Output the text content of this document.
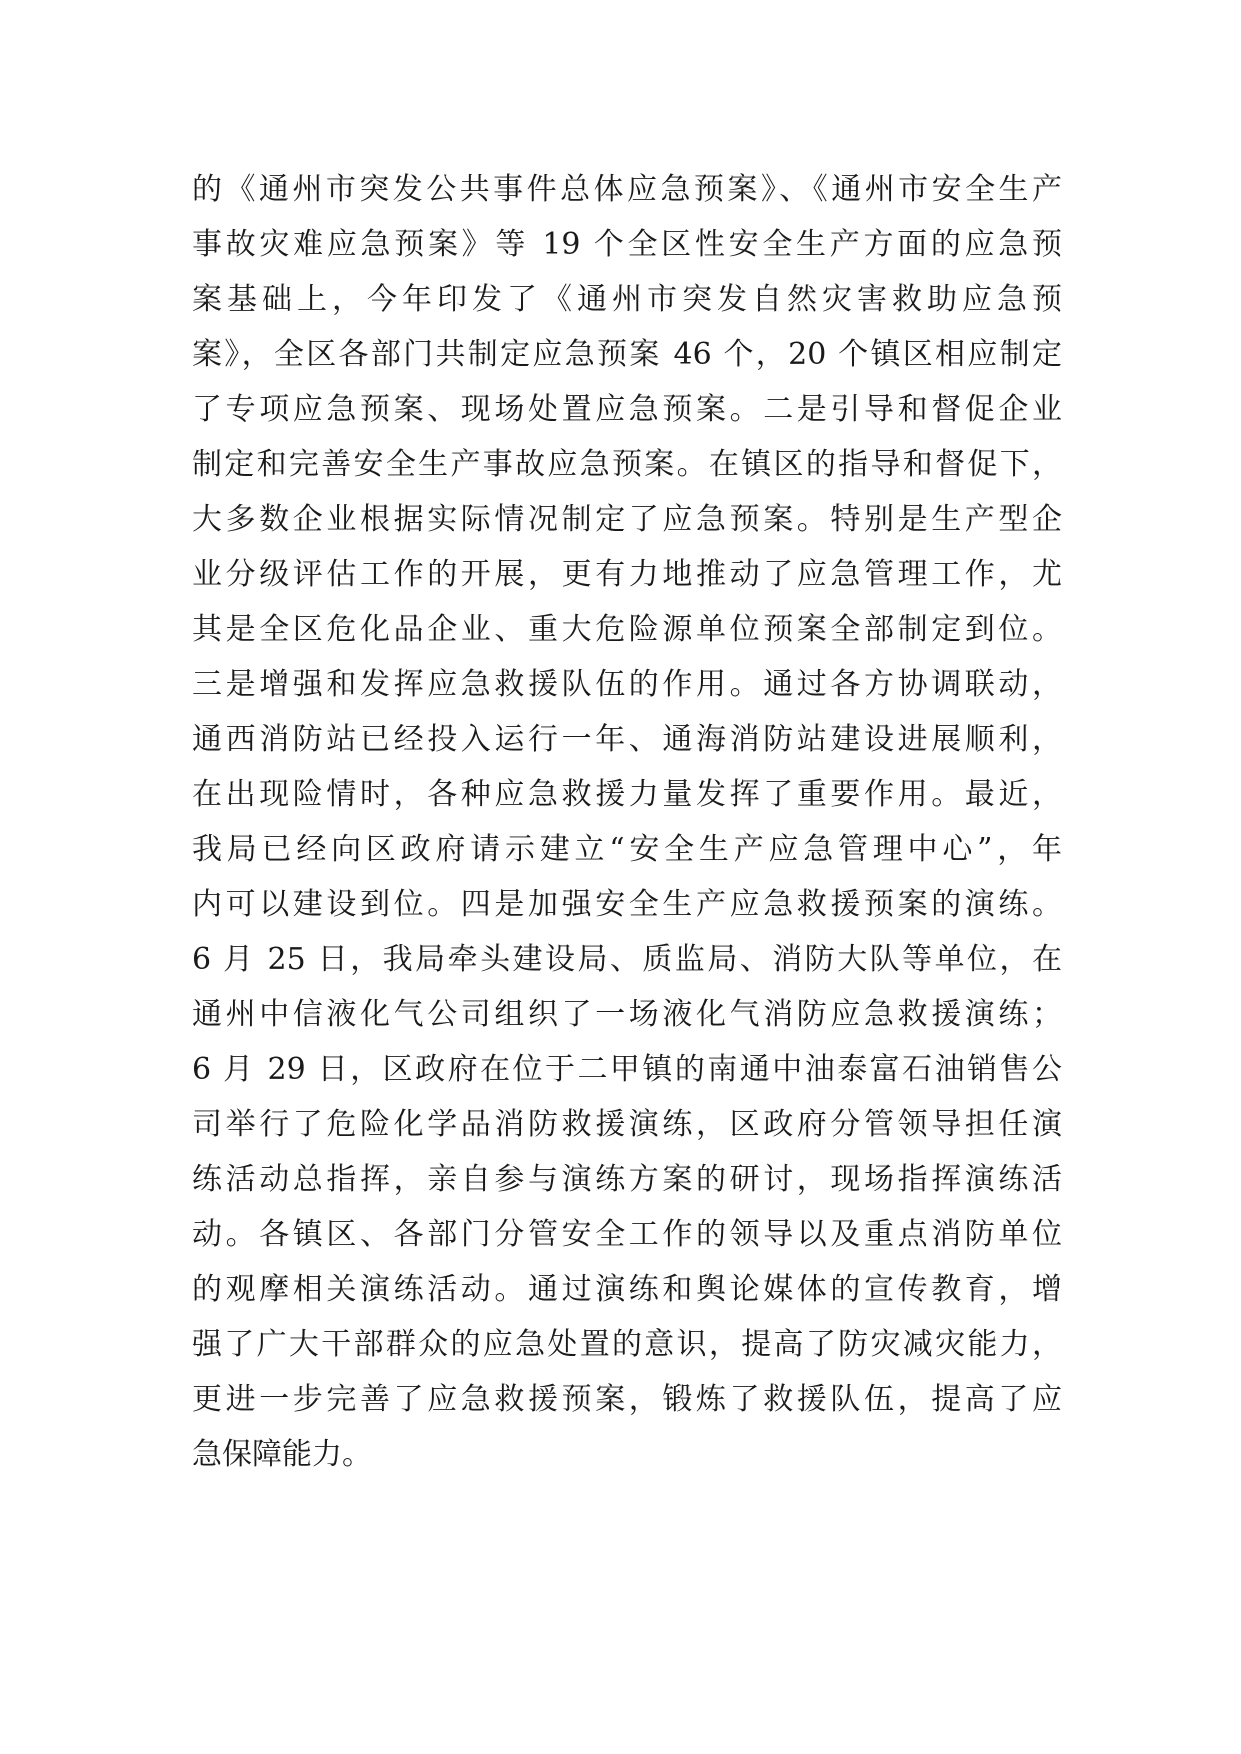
的《通州市突发公共事件总体应急预案》、《通州市安全生产
事故灾难应急预案》等 19 个全区性安全生产方面的应急预
案基础上，今年印发了《通州市突发自然灾害救助应急预
案》，全区各部门共制定应急预案 46 个，20 个镇区相应制定
了专项应急预案、现场处置应急预案。二是引导和督促企业
制定和完善安全生产事故应急预案。在镇区的指导和督促下，
大多数企业根据实际情况制定了应急预案。特别是生产型企
业分级评估工作的开展，更有力地推动了应急管理工作，尤
其是全区危化品企业、重大危险源单位预案全部制定到位。
三是增强和发挥应急救援队伍的作用。通过各方协调联动，
通西消防站已经投入运行一年、通海消防站建设进展顺利，
在出现险情时，各种应急救援力量发挥了重要作用。最近，
我局已经向区政府请示建立“安全生产应急管理中心”，年
内可以建设到位。四是加强安全生产应急救援预案的演练。
6 月 25 日，我局牵头建设局、质监局、消防大队等单位，在
通州中信液化气公司组织了一场液化气消防应急救援演练；
6 月 29 日，区政府在位于二甲镇的南通中油泰富石油销售公
司举行了危险化学品消防救援演练，区政府分管领导担任演
练活动总指挥，亲自参与演练方案的研讨，现场指挥演练活
动。各镇区、各部门分管安全工作的领导以及重点消防单位
的观摩相关演练活动。通过演练和舆论媒体的宣传教育，增
强了广大干部群众的应急处置的意识，提高了防灾减灾能力，
更进一步完善了应急救援预案，锻炼了救援队伍，提高了应
急保障能力。
